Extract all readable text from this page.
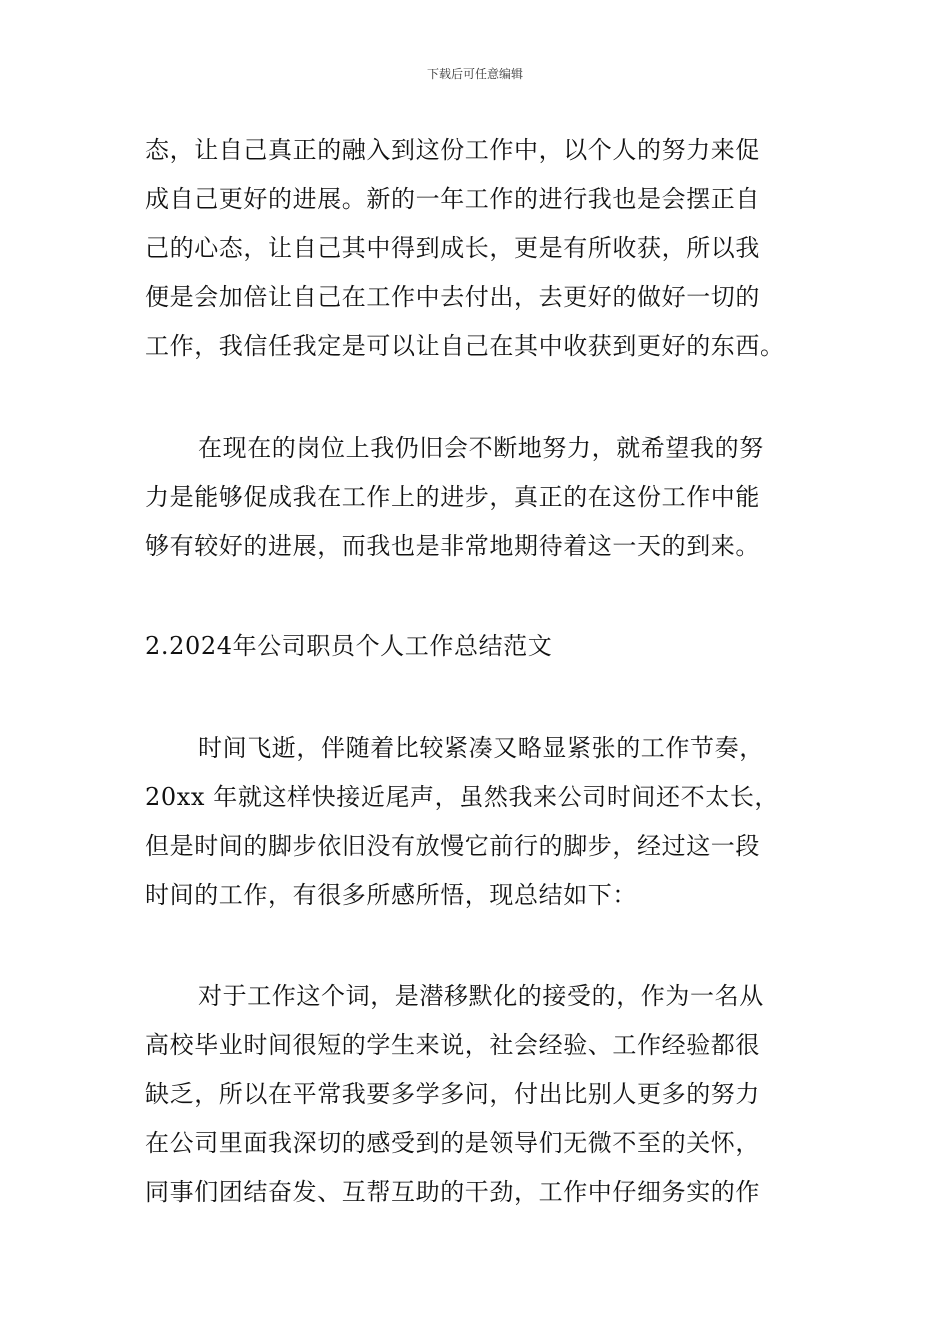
下载后可任意编辑
态，让自己真正的融入到这份工作中，以个人的努力来促
成自己更好的进展。新的一年工作的进行我也是会摆正自
己的心态，让自己其中得到成长，更是有所收获，所以我
便是会加倍让自己在工作中去付出，去更好的做好一切的
工作，我信任我定是可以让自己在其中收获到更好的东西。
在现在的岗位上我仍旧会不断地努力，就希望我的努
力是能够促成我在工作上的进步，真正的在这份工作中能
够有较好的进展，而我也是非常地期待着这一天的到来。
2.2024年公司职员个人工作总结范文
时间飞逝，伴随着比较紧凑又略显紧张的工作节奏，
20xx 年就这样快接近尾声，虽然我来公司时间还不太长，
但是时间的脚步依旧没有放慢它前行的脚步，经过这一段
时间的工作，有很多所感所悟，现总结如下：
对于工作这个词，是潜移默化的接受的，作为一名从
高校毕业时间很短的学生来说，社会经验、工作经验都很
缺乏，所以在平常我要多学多问，付出比别人更多的努力
在公司里面我深切的感受到的是领导们无微不至的关怀，
同事们团结奋发、互帮互助的干劲，工作中仔细务实的作
